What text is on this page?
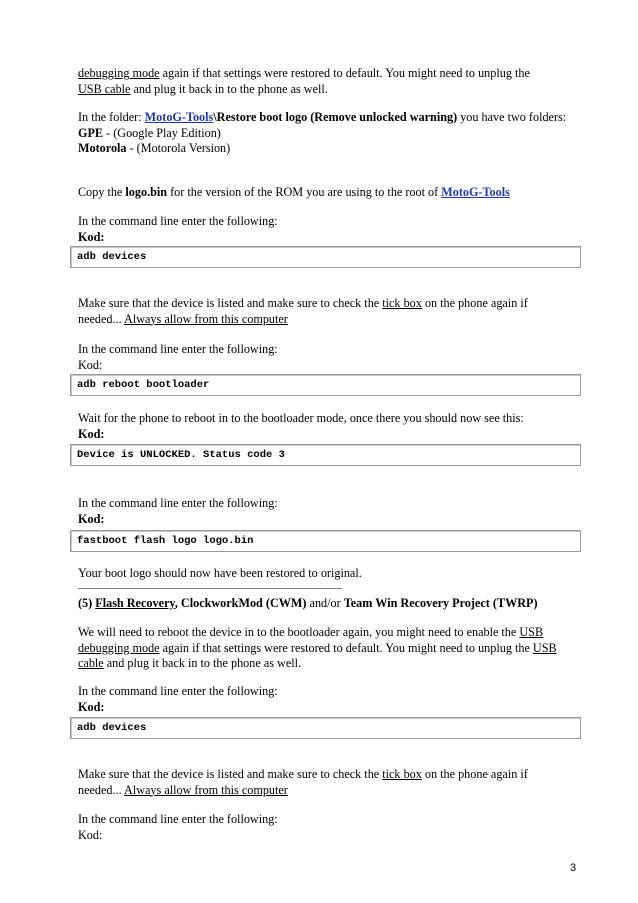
debugging mode again if that settings were restored to default. You might need to unplug the
USB cable and plug it back in to the phone as well.
In the folder: MotoG-Tools\Restore boot logo (Remove unlocked warning) you have two folders:
GPE - (Google Play Edition)
Motorola - (Motorola Version)
Copy the logo.bin for the version of the ROM you are using to the root of MotoG-Tools
In the command line enter the following:
Kod:
adb devices
Make sure that the device is listed and make sure to check the tick box on the phone again if needed... Always allow from this computer
In the command line enter the following:
Kod:
adb reboot bootloader
Wait for the phone to reboot in to the bootloader mode, once there you should now see this:
Kod:
Device is UNLOCKED. Status code 3
In the command line enter the following:
Kod:
fastboot flash logo logo.bin
Your boot logo should now have been restored to original.
________________________________________________
(5) Flash Recovery, ClockworkMod (CWM) and/or Team Win Recovery Project (TWRP)
We will need to reboot the device in to the bootloader again, you might need to enable the USB debugging mode again if that settings were restored to default. You might need to unplug the USB cable and plug it back in to the phone as well.
In the command line enter the following:
Kod:
adb devices
Make sure that the device is listed and make sure to check the tick box on the phone again if needed... Always allow from this computer
In the command line enter the following:
Kod:
3
